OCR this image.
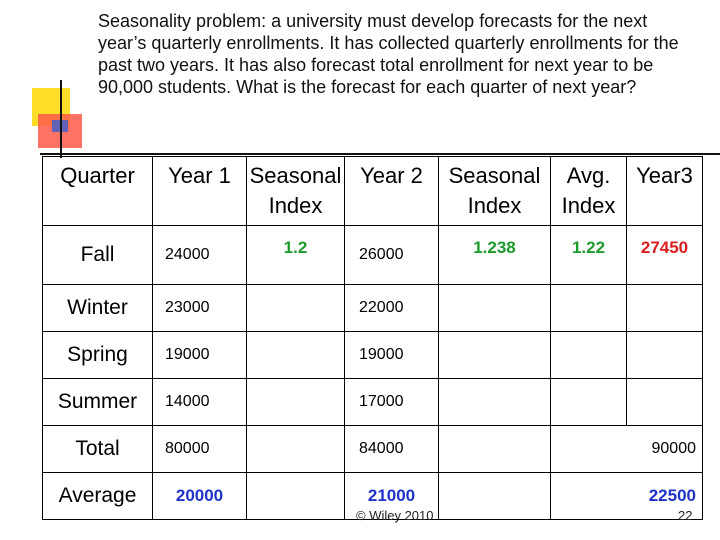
Seasonality problem: a university must develop forecasts for the next year’s quarterly enrollments. It has collected quarterly enrollments for the past two years. It has also forecast total enrollment for next year to be 90,000 students. What is the forecast for each quarter of next year?
Quarter	Year 1	Seasonal Index	Year 2	Seasonal Index	Avg. Index	Year3
Fall	24000	1.2	26000	1.238	1.22	27450
Winter	23000		22000			
Spring	19000		19000			
Summer	14000		17000			
Total	80000		84000			90000
Average	20000		21000			22500
© Wiley 2010	22
